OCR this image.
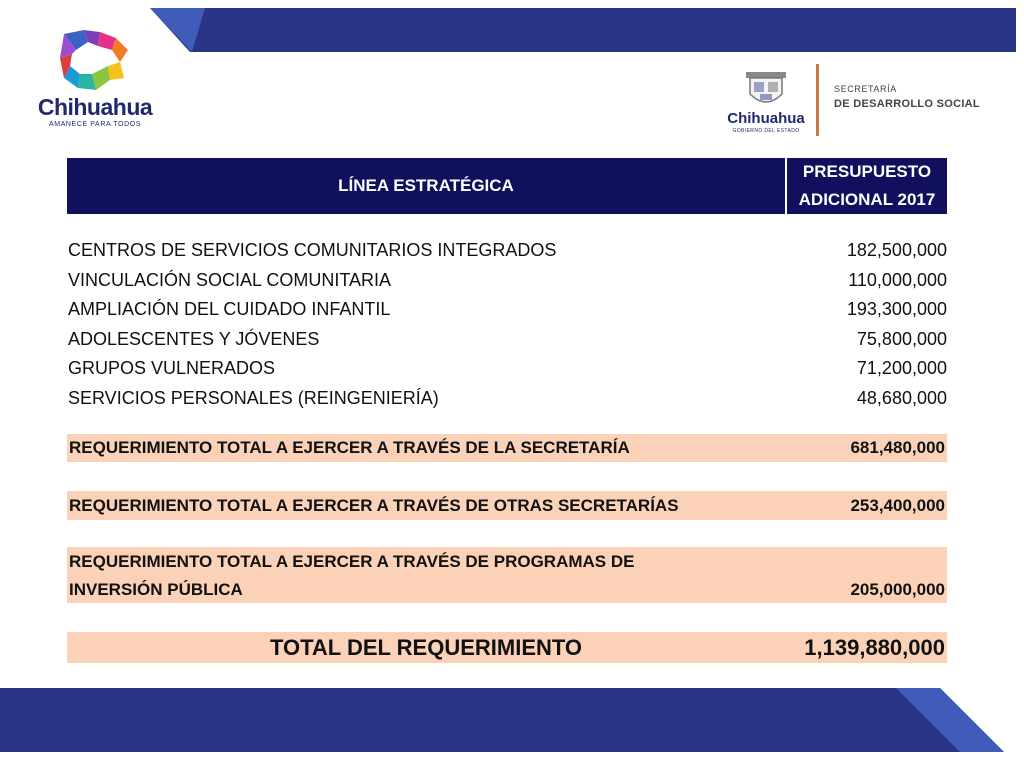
Chihuahua
AMANECE PARA TODOS	Chihuahua
GOBIERNO DEL ESTADO
SECRETARÍA
DE DESARROLLO SOCIAL
LÍNEA ESTRATÉGICA
PRESUPUESTO ADICIONAL 2017
CENTROS DE SERVICIOS COMUNITARIOS INTEGRADOS	182,500,000
VINCULACIÓN SOCIAL COMUNITARIA	110,000,000
AMPLIACIÓN DEL CUIDADO INFANTIL	193,300,000
ADOLESCENTES Y JÓVENES	75,800,000
GRUPOS VULNERADOS	71,200,000
SERVICIOS PERSONALES (REINGENIERÍA)	48,680,000
REQUERIMIENTO TOTAL A EJERCER A TRAVÉS DE LA SECRETARÍA	681,480,000
REQUERIMIENTO TOTAL A EJERCER A TRAVÉS DE OTRAS SECRETARÍAS	253,400,000
REQUERIMIENTO TOTAL A EJERCER A TRAVÉS DE PROGRAMAS DE
INVERSIÓN PÚBLICA	205,000,000
TOTAL DEL REQUERIMIENTO	1,139,880,000
